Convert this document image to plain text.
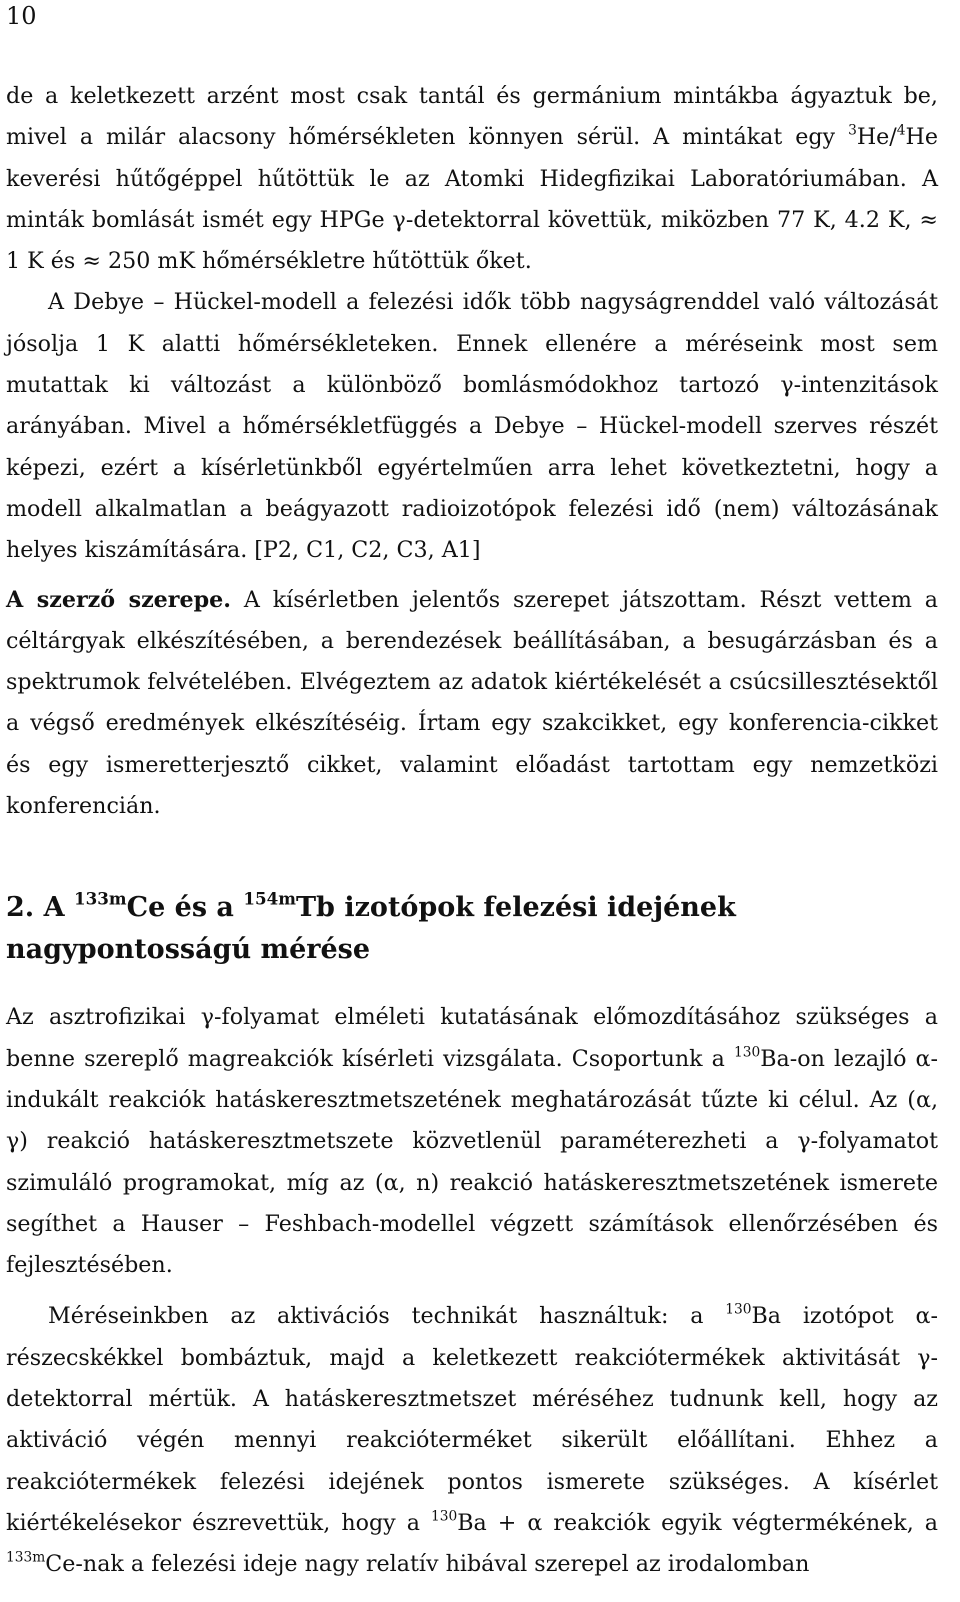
10

de a keletkezett arzént most csak tantál és germánium mintákba ágyaztuk be, mivel a milár alacsony hőmérsékleten könnyen sérül. A mintákat egy $^3$He/$^4$He keverési hűtőgéppel hűtöttük le az Atomki Hidegfizikai Laboratóriumában. A minták bomlását ismét egy HPGe γ-detektorral követtük, miközben 77 K, 4.2 K, ≈ 1 K és ≈ 250 mK hőmérsékletre hűtöttük őket.

A Debye – Hückel-modell a felezési idők több nagyságrenddel való változását jósolja 1 K alatti hőmérsékleteken. Ennek ellenére a méréseink most sem mutattak ki változást a különböző bomlásmódokhoz tartozó γ-intenzitások arányában. Mivel a hőmérsékletfüggés a Debye – Hückel-modell szerves részét képezi, ezért a kísérletünkből egyértelműen arra lehet következtetni, hogy a modell alkalmatlan a beágyazott radioizotópok felezési idő (nem) változásának helyes kiszámítására. [P2, C1, C2, C3, A1]

A szerző szerepe. A kísérletben jelentős szerepet játszottam. Részt vettem a céltárgyak elkészítésében, a berendezések beállításában, a besugárzásban és a spektrumok felvételében. Elvégeztem az adatok kiértékelését a csúcsillesztésektől a végső eredmények elkészítéséig. Írtam egy szakcikket, egy konferencia-cikket és egy ismeretterjesztő cikket, valamint előadást tartottam egy nemzetközi konferencián.

2. A $^{133m}$Ce és a $^{154m}$Tb izotópok felezési idejének nagypontosságú mérése

Az asztrofizikai γ-folyamat elméleti kutatásának előmozdításához szükséges a benne szereplő magreakciók kísérleti vizsgálata. Csoportunk a $^{130}$Ba-on lezajló α-indukált reakciók hatáskeresztmetszetének meghatározását tűzte ki célul. Az (α, γ) reakció hatáskeresztmetszete közvetlenül paraméterezheti a γ-folyamatot szimuláló programokat, míg az (α, n) reakció hatáskeresztmetszetének ismerete segíthet a Hauser – Feshbach-modellel végzett számítások ellenőrzésében és fejlesztésében.

Méréseinkben az aktivációs technikát használtuk: a $^{130}$Ba izotópot α-részecskékkel bombáztuk, majd a keletkezett reakciótermékek aktivitását γ-detektorral mértük. A hatáskeresztmetszet méréséhez tudnunk kell, hogy az aktiváció végén mennyi reakcióterméket sikerült előállítani. Ehhez a reakciótermékek felezési idejének pontos ismerete szükséges. A kísérlet kiértékelésekor észrevettük, hogy a $^{130}$Ba + α reakciók egyik végtermékének, a $^{133m}$Ce-nak a felezési ideje nagy relatív hibával szerepel az irodalomban
